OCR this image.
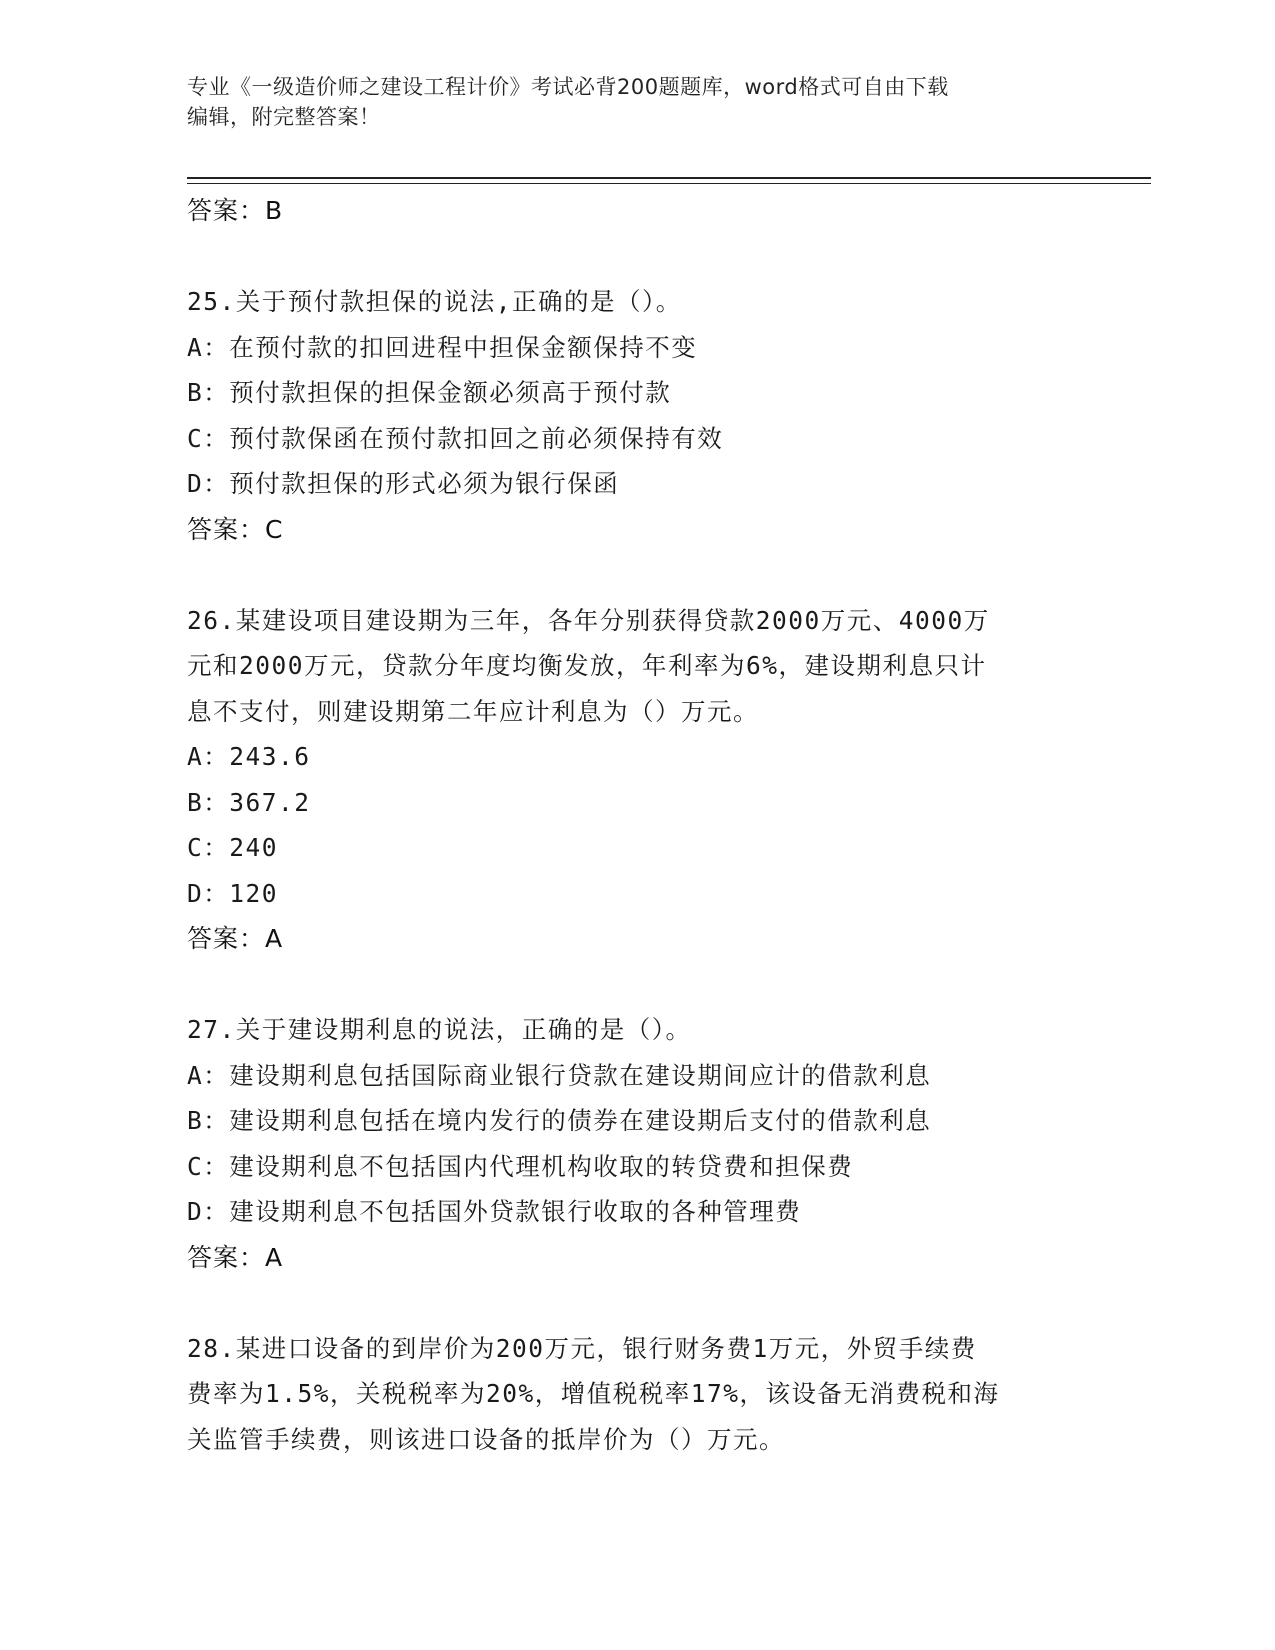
专业《一级造价师之建设工程计价》考试必背200题题库，word格式可自由下载
编辑，附完整答案！
答案：B
25.关于预付款担保的说法,正确的是（）。
A：在预付款的扣回进程中担保金额保持不变
B：预付款担保的担保金额必须高于预付款
C：预付款保函在预付款扣回之前必须保持有效
D：预付款担保的形式必须为银行保函
答案：C
26.某建设项目建设期为三年，各年分别获得贷款2000万元、4000万
元和2000万元，贷款分年度均衡发放，年利率为6%，建设期利息只计
息不支付，则建设期第二年应计利息为（）万元。
A：243.6
B：367.2
C：240
D：120
答案：A
27.关于建设期利息的说法，正确的是（）。
A：建设期利息包括国际商业银行贷款在建设期间应计的借款利息
B：建设期利息包括在境内发行的债券在建设期后支付的借款利息
C：建设期利息不包括国内代理机构收取的转贷费和担保费
D：建设期利息不包括国外贷款银行收取的各种管理费
答案：A
28.某进口设备的到岸价为200万元，银行财务费1万元，外贸手续费
费率为1.5%，关税税率为20%，增值税税率17%，该设备无消费税和海
关监管手续费，则该进口设备的抵岸价为（）万元。
